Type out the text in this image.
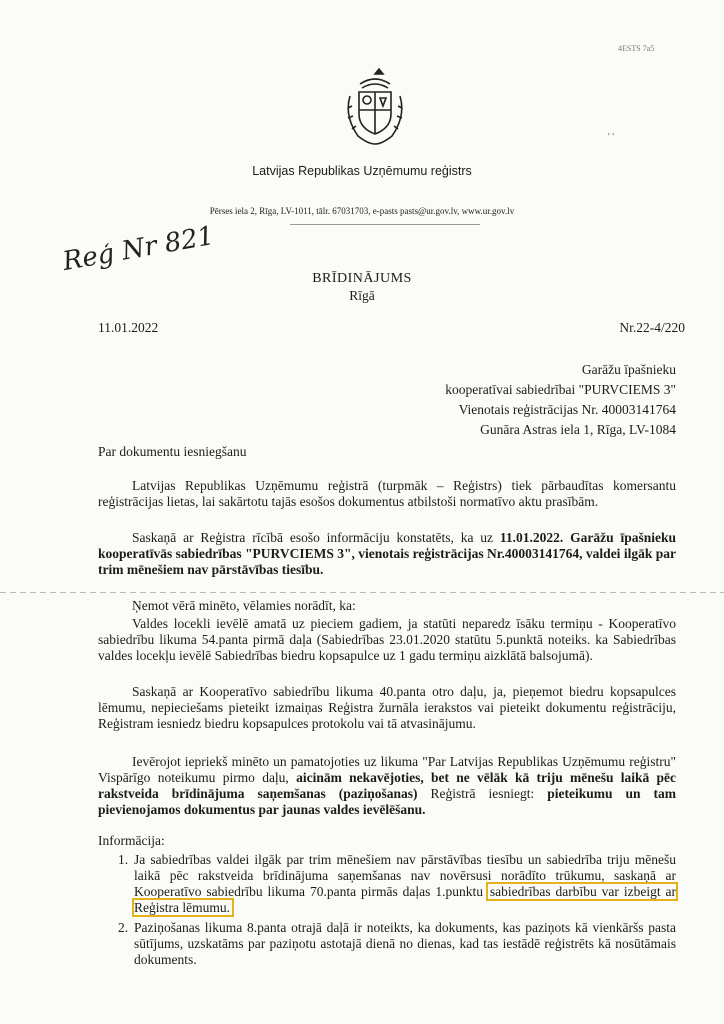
4ESTS 7a5
Latvijas Republikas Uzņēmumu reģistrs
Pērses iela 2, Rīga, LV-1011, tālr. 67031703, e-pasts pasts@ur.gov.lv, www.ur.gov.lv
' '
Reģ Nr 821
BRĪDINĀJUMS
Rīgā
11.01.2022	Nr.22-4/220
Garāžu īpašnieku
kooperatīvai sabiedrībai "PURVCIEMS 3"
Vienotais reģistrācijas Nr. 40003141764
Gunāra Astras iela 1, Rīga, LV-1084
Par dokumentu iesniegšanu
Latvijas Republikas Uzņēmumu reģistrā (turpmāk – Reģistrs) tiek pārbaudītas komersantu reģistrācijas lietas, lai sakārtotu tajās esošos dokumentus atbilstoši normatīvo aktu prasībām.
Saskaņā ar Reģistra rīcībā esošo informāciju konstatēts, ka uz 11.01.2022. Garāžu īpašnieku kooperatīvās sabiedrības "PURVCIEMS 3", vienotais reģistrācijas Nr.40003141764, valdei ilgāk par trim mēnešiem nav pārstāvības tiesību.
Ņemot vērā minēto, vēlamies norādīt, ka:
Valdes locekli ievēlē amatā uz pieciem gadiem, ja statūti neparedz īsāku termiņu - Kooperatīvo sabiedrību likuma 54.panta pirmā daļa (Sabiedrības 23.01.2020 statūtu 5.punktā noteiks. ka Sabiedrības valdes locekļu ievēlē Sabiedrības biedru kopsapulce uz 1 gadu termiņu aizklātā balsojumā).
Saskaņā ar Kooperatīvo sabiedrību likuma 40.panta otro daļu, ja, pieņemot biedru kopsapulces lēmumu, nepieciešams pieteikt izmaiņas Reģistra žurnāla ierakstos vai pieteikt dokumentu reģistrāciju, Reģistram iesniedz biedru kopsapulces protokolu vai tā atvasinājumu.
Ievērojot iepriekš minēto un pamatojoties uz likuma "Par Latvijas Republikas Uzņēmumu reģistru" Vispārīgo noteikumu pirmo daļu, aicinām nekavējoties, bet ne vēlāk kā triju mēnešu laikā pēc rakstveida brīdinājuma saņemšanas (paziņošanas) Reģistrā iesniegt: pieteikumu un tam pievienojamos dokumentus par jaunas valdes ievēlēšanu.
Informācija:
1. Ja sabiedrības valdei ilgāk par trim mēnešiem nav pārstāvības tiesību un sabiedrība triju mēnešu laikā pēc rakstveida brīdinājuma saņemšanas nav novērsusi norādīto trūkumu, saskaņā ar Kooperatīvo sabiedrību likuma 70.panta pirmās daļas 1.punktu sabiedrības darbību var izbeigt ar Reģistra lēmumu.
2. Paziņošanas likuma 8.panta otrajā daļā ir noteikts, ka dokuments, kas paziņots kā vienkāršs pasta sūtījums, uzskatāms par paziņotu astotajā dienā no dienas, kad tas iestādē reģistrēts kā nosūtāmais dokuments.
